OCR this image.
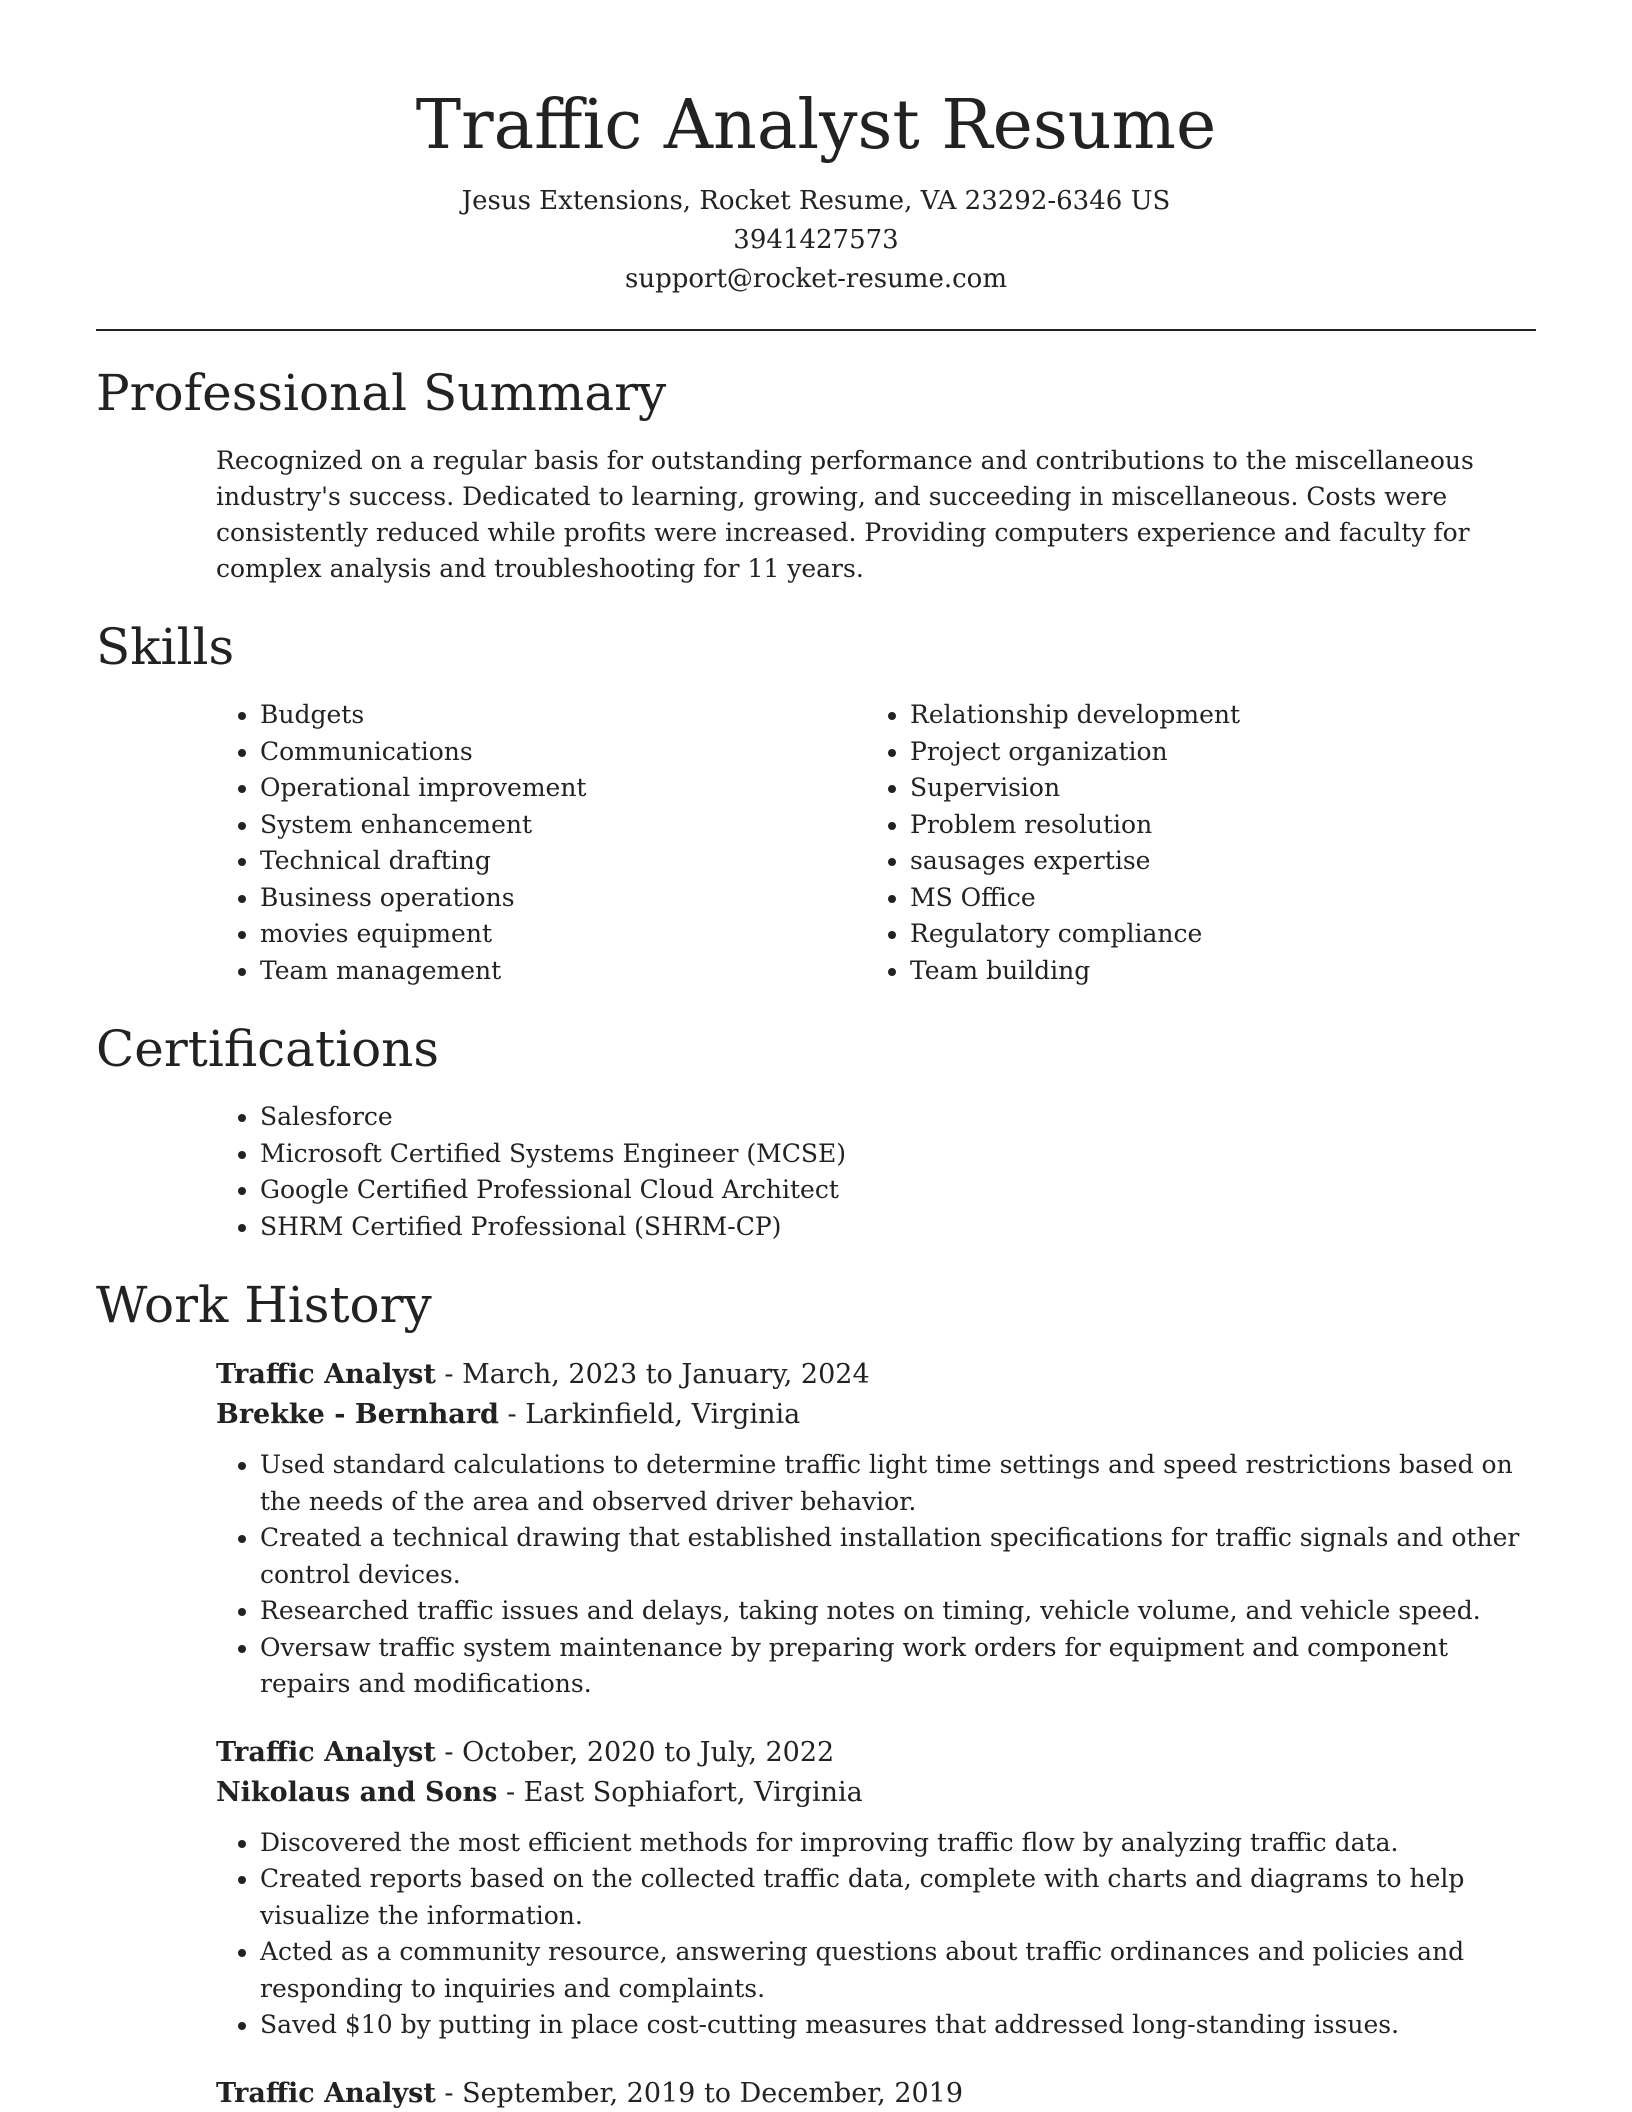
Traffic Analyst Resume
Jesus Extensions, Rocket Resume, VA 23292-6346 US
3941427573
support@rocket-resume.com
Professional Summary

Recognized on a regular basis for outstanding performance and contributions to the miscellaneous industry's success. Dedicated to learning, growing, and succeeding in miscellaneous. Costs were consistently reduced while profits were increased. Providing computers experience and faculty for complex analysis and troubleshooting for 11 years.

Skills
• Budgets
• Communications
• Operational improvement
• System enhancement
• Technical drafting
• Business operations
• movies equipment
• Team management
• Relationship development
• Project organization
• Supervision
• Problem resolution
• sausages expertise
• MS Office
• Regulatory compliance
• Team building
Certifications
• Salesforce
• Microsoft Certified Systems Engineer (MCSE)
• Google Certified Professional Cloud Architect
• SHRM Certified Professional (SHRM-CP)
Work History
Traffic Analyst - March, 2023 to January, 2024
Brekke - Bernhard - Larkinfield, Virginia
• Used standard calculations to determine traffic light time settings and speed restrictions based on the needs of the area and observed driver behavior.
• Created a technical drawing that established installation specifications for traffic signals and other control devices.
• Researched traffic issues and delays, taking notes on timing, vehicle volume, and vehicle speed.
• Oversaw traffic system maintenance by preparing work orders for equipment and component repairs and modifications.
Traffic Analyst - October, 2020 to July, 2022
Nikolaus and Sons - East Sophiafort, Virginia
• Discovered the most efficient methods for improving traffic flow by analyzing traffic data.
• Created reports based on the collected traffic data, complete with charts and diagrams to help visualize the information.
• Acted as a community resource, answering questions about traffic ordinances and policies and responding to inquiries and complaints.
• Saved $10 by putting in place cost-cutting measures that addressed long-standing issues.
Traffic Analyst - September, 2019 to December, 2019
